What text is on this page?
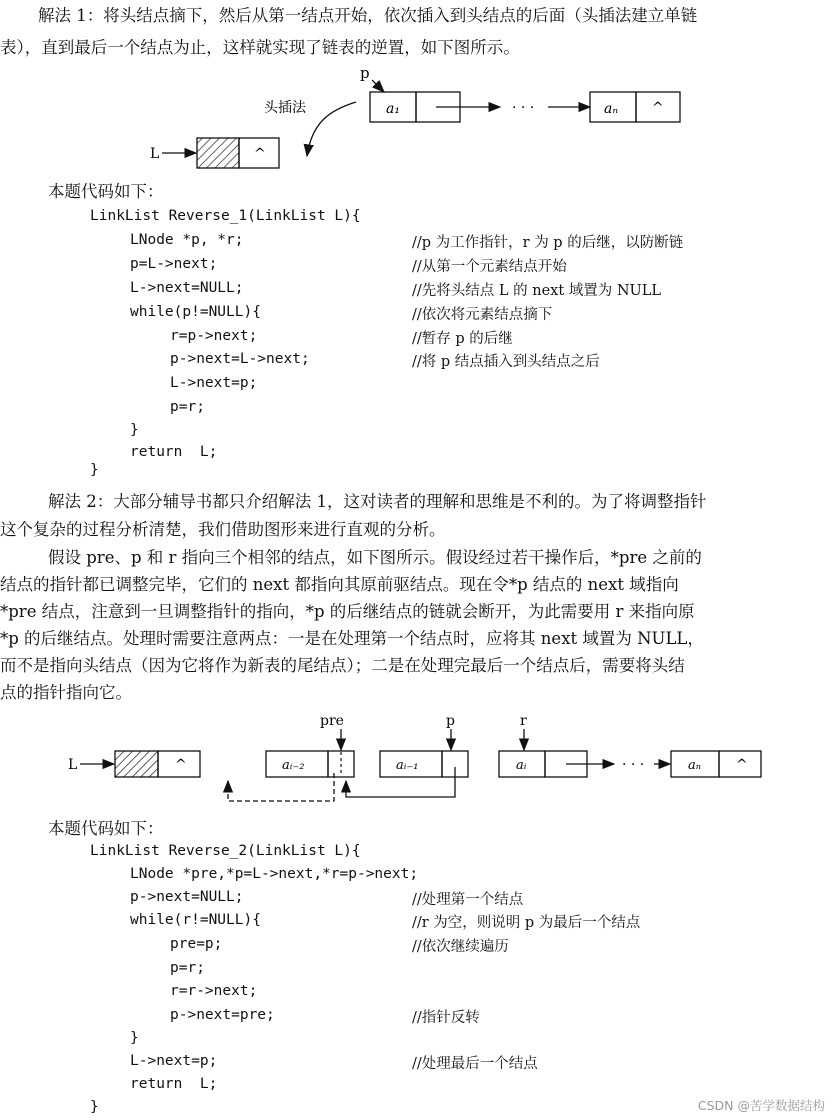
解法 1：将头结点摘下，然后从第一结点开始，依次插入到头结点的后面（头插法建立单链
表），直到最后一个结点为止，这样就实现了链表的逆置，如下图所示。
p
头插法	a₁	· · ·	aₙ ^
L	^
本题代码如下：
LinkList Reverse_1(LinkList L){
LNode *p, *r;	//p 为工作指针，r 为 p 的后继，以防断链
p=L->next;	//从第一个元素结点开始
L->next=NULL;	//先将头结点 L 的 next 域置为 NULL
while(p!=NULL){	//依次将元素结点摘下
r=p->next;	//暂存 p 的后继
p->next=L->next;	//将 p 结点插入到头结点之后
L->next=p;
p=r;
}
return  L;
}
解法 2：大部分辅导书都只介绍解法 1，这对读者的理解和思维是不利的。为了将调整指针
这个复杂的过程分析清楚，我们借助图形来进行直观的分析。
假设 pre、p 和 r 指向三个相邻的结点，如下图所示。假设经过若干操作后，*pre 之前的
结点的指针都已调整完毕，它们的 next 都指向其原前驱结点。现在令*p 结点的 next 域指向
*pre 结点，注意到一旦调整指针的指向，*p 的后继结点的链就会断开，为此需要用 r 来指向原
*p 的后继结点。处理时需要注意两点：一是在处理第一个结点时，应将其 next 域置为 NULL，
而不是指向头结点（因为它将作为新表的尾结点）；二是在处理完最后一个结点后，需要将头结
点的指针指向它。
pre	p	r
L	^	aᵢ₋₂	aᵢ₋₁	aᵢ	· · ·	aₙ ^
本题代码如下：
LinkList Reverse_2(LinkList L){
LNode *pre,*p=L->next,*r=p->next;
p->next=NULL;	//处理第一个结点
while(r!=NULL){	//r 为空，则说明 p 为最后一个结点
pre=p;	//依次继续遍历
p=r;
r=r->next;
p->next=pre;	//指针反转
}
L->next=p;	//处理最后一个结点
return  L;
}	CSDN @苦学数据结构
